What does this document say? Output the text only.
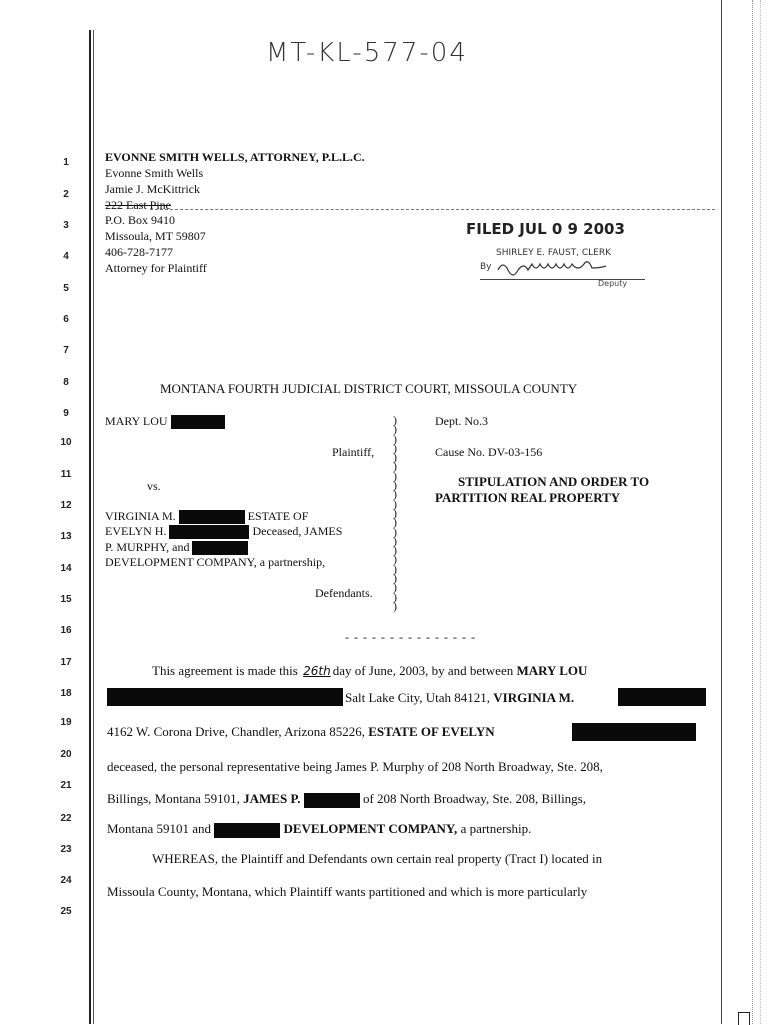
MT-KL-577-04
1
2
3
4
5
6
7
8
9
10
11
12
13
14
15
16
17
18
19
20
21
22
23
24
25
EVONNE SMITH WELLS, ATTORNEY, P.L.L.C.
Evonne Smith Wells
Jamie J. McKittrick
222 East Pine
P.O. Box 9410
Missoula, MT 59807
406-728-7177
Attorney for Plaintiff
FILED JUL 0 9 2003
SHIRLEY E. FAUST, CLERK
By
Deputy
MONTANA FOURTH JUDICIAL DISTRICT COURT, MISSOULA COUNTY
MARY LOU
Plaintiff,
vs.
VIRGINIA M.	ESTATE OF
EVELYN H.	Deceased, JAMES
P. MURPHY, and
DEVELOPMENT COMPANY, a partnership,
Defendants.
)
)
)
)
)
)
)
)
)
)
)
)
)
)
)
)
)
)
)
)
)
Dept. No.3
Cause No. DV-03-156
STIPULATION AND ORDER TO
PARTITION REAL PROPERTY
- - - - - - - - - - - - - - -
This agreement is made this 26th day of June, 2003, by and between MARY LOU
Salt Lake City, Utah 84121, VIRGINIA M.
4162 W. Corona Drive, Chandler, Arizona 85226, ESTATE OF EVELYN
deceased, the personal representative being James P. Murphy of 208 North Broadway, Ste. 208,
Billings, Montana 59101, JAMES P.	of 208 North Broadway, Ste. 208, Billings,
Montana 59101 and	DEVELOPMENT COMPANY, a partnership.
WHEREAS, the Plaintiff and Defendants own certain real property (Tract I) located in
Missoula County, Montana, which Plaintiff wants partitioned and which is more particularly
